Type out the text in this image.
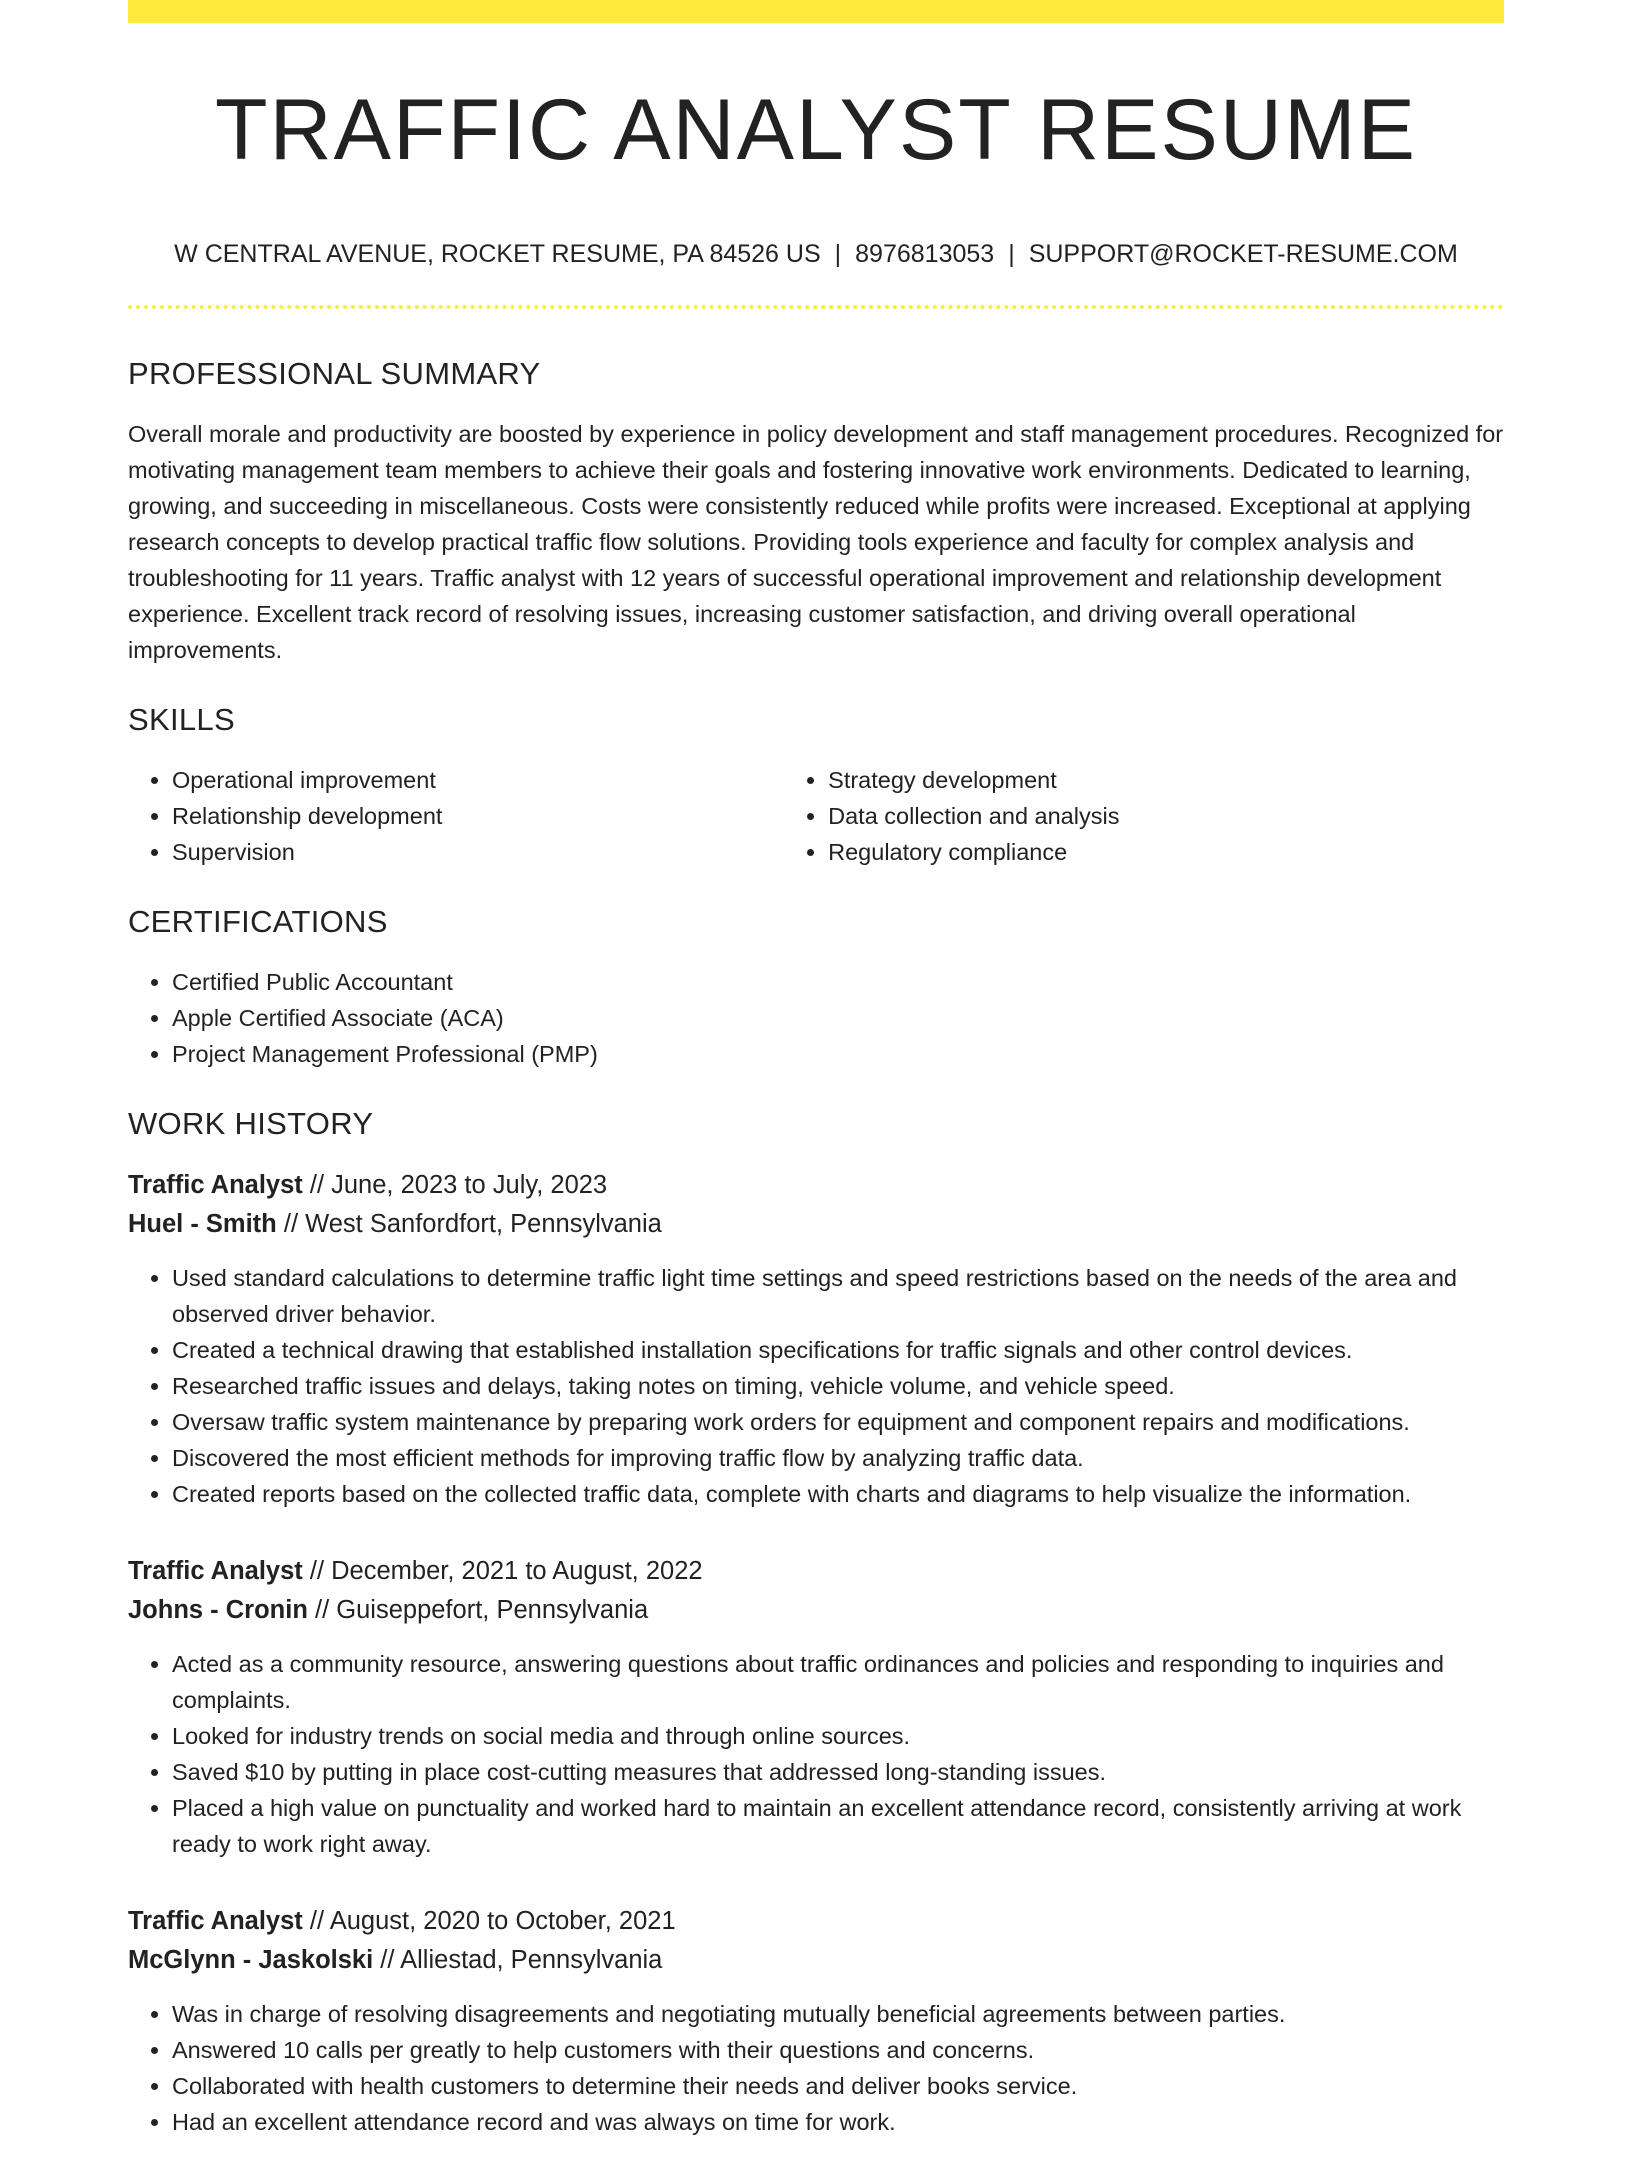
TRAFFIC ANALYST RESUME
W CENTRAL AVENUE, ROCKET RESUME, PA 84526 US | 8976813053 | SUPPORT@ROCKET-RESUME.COM
PROFESSIONAL SUMMARY

Overall morale and productivity are boosted by experience in policy development and staff management procedures. Recognized for motivating management team members to achieve their goals and fostering innovative work environments. Dedicated to learning, growing, and succeeding in miscellaneous. Costs were consistently reduced while profits were increased. Exceptional at applying research concepts to develop practical traffic flow solutions. Providing tools experience and faculty for complex analysis and troubleshooting for 11 years. Traffic analyst with 12 years of successful operational improvement and relationship development experience. Excellent track record of resolving issues, increasing customer satisfaction, and driving overall operational improvements.

SKILLS
• Operational improvement
• Relationship development
• Supervision
• Strategy development
• Data collection and analysis
• Regulatory compliance
CERTIFICATIONS
• Certified Public Accountant
• Apple Certified Associate (ACA)
• Project Management Professional (PMP)
WORK HISTORY
Traffic Analyst // June, 2023 to July, 2023
Huel - Smith // West Sanfordfort, Pennsylvania
• Used standard calculations to determine traffic light time settings and speed restrictions based on the needs of the area and observed driver behavior.
• Created a technical drawing that established installation specifications for traffic signals and other control devices.
• Researched traffic issues and delays, taking notes on timing, vehicle volume, and vehicle speed.
• Oversaw traffic system maintenance by preparing work orders for equipment and component repairs and modifications.
• Discovered the most efficient methods for improving traffic flow by analyzing traffic data.
• Created reports based on the collected traffic data, complete with charts and diagrams to help visualize the information.
Traffic Analyst // December, 2021 to August, 2022
Johns - Cronin // Guiseppefort, Pennsylvania
• Acted as a community resource, answering questions about traffic ordinances and policies and responding to inquiries and complaints.
• Looked for industry trends on social media and through online sources.
• Saved $10 by putting in place cost-cutting measures that addressed long-standing issues.
• Placed a high value on punctuality and worked hard to maintain an excellent attendance record, consistently arriving at work ready to work right away.
Traffic Analyst // August, 2020 to October, 2021
McGlynn - Jaskolski // Alliestad, Pennsylvania
• Was in charge of resolving disagreements and negotiating mutually beneficial agreements between parties.
• Answered 10 calls per greatly to help customers with their questions and concerns.
• Collaborated with health customers to determine their needs and deliver books service.
• Had an excellent attendance record and was always on time for work.
